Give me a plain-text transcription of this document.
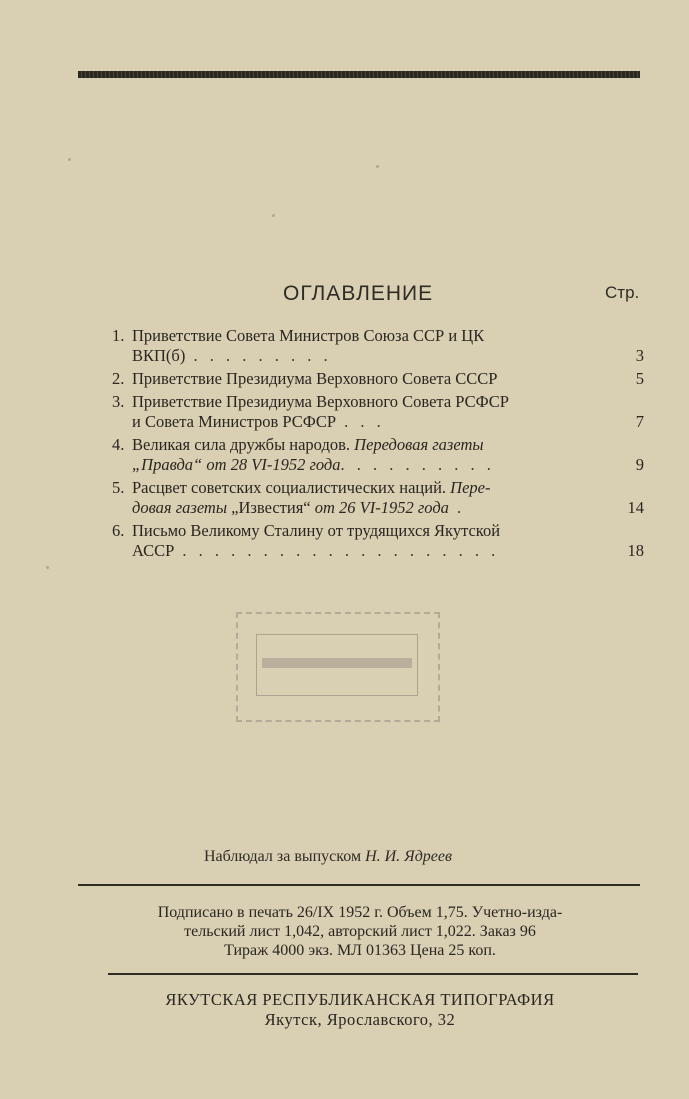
ОГЛАВЛЕНИЕ	Стр.
1. Приветствие Совета Министров Союза ССР и ЦК
ВКП(б) . . . . . . . . .	3
2. Приветствие Президиума Верховного Совета СССР	5
3. Приветствие Президиума Верховного Совета РСФСР
и Совета Министров РСФСР . . .	7
4. Великая сила дружбы народов. Передовая газеты
„Правда“ от 28 VI-1952 года. . . . . . . . . .	9
5. Расцвет советских социалистических наций. Пере-
довая газеты „Известия“ от 26 VI-1952 года .	14
6. Письмо Великому Сталину от трудящихся Якутской
АССР . . . . . . . . . . . . . . . . . . . .	18
Наблюдал за выпуском Н. И. Ядреев
Подписано в печать 26/IX 1952 г. Объем 1,75. Учетно-изда-
тельский лист 1,042, авторский лист 1,022. Заказ 96
Тираж 4000 экз. МЛ 01363 Цена 25 коп.
ЯКУТСКАЯ РЕСПУБЛИКАНСКАЯ ТИПОГРАФИЯ
Якутск, Ярославского, 32
